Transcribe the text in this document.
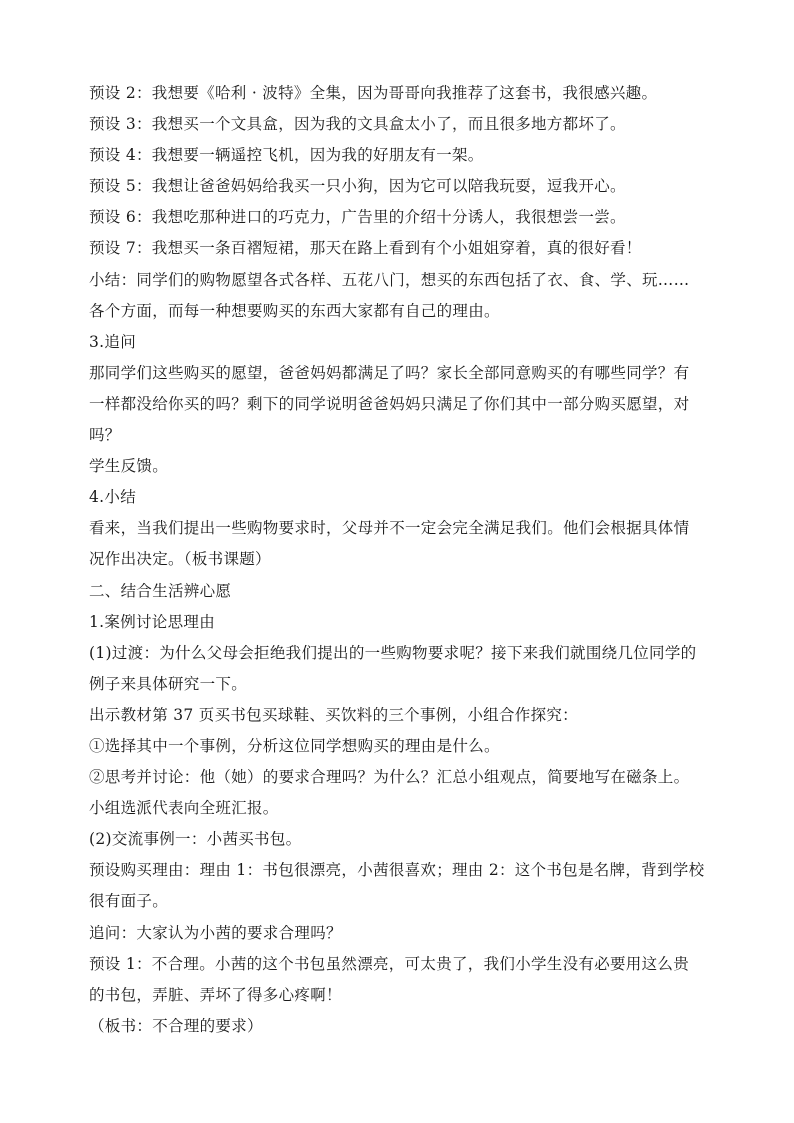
预设 2：我想要《哈利 · 波特》全集，因为哥哥向我推荐了这套书，我很感兴趣。
预设 3：我想买一个文具盒，因为我的文具盒太小了，而且很多地方都坏了。
预设 4：我想要一辆遥控飞机，因为我的好朋友有一架。
预设 5：我想让爸爸妈妈给我买一只小狗，因为它可以陪我玩耍，逗我开心。
预设 6：我想吃那种进口的巧克力，广告里的介绍十分诱人，我很想尝一尝。
预设 7：我想买一条百褶短裙，那天在路上看到有个小姐姐穿着，真的很好看！
小结：同学们的购物愿望各式各样、五花八门，想买的东西包括了衣、食、学、玩……
各个方面，而每一种想要购买的东西大家都有自己的理由。
3.追问
那同学们这些购买的愿望，爸爸妈妈都满足了吗？家长全部同意购买的有哪些同学？有
一样都没给你买的吗？剩下的同学说明爸爸妈妈只满足了你们其中一部分购买愿望，对
吗？
学生反馈。
4.小结
看来，当我们提出一些购物要求时，父母并不一定会完全满足我们。他们会根据具体情
况作出决定。（板书课题）
二、结合生活辨心愿
1.案例讨论思理由
(1)过渡：为什么父母会拒绝我们提出的一些购物要求呢？接下来我们就围绕几位同学的
例子来具体研究一下。
出示教材第 37 页买书包买球鞋、买饮料的三个事例，小组合作探究：
①选择其中一个事例，分析这位同学想购买的理由是什么。
②思考并讨论：他（她）的要求合理吗？为什么？汇总小组观点，简要地写在磁条上。
小组选派代表向全班汇报。
(2)交流事例一：小茜买书包。
预设购买理由：理由 1：书包很漂亮，小茜很喜欢；理由 2：这个书包是名牌，背到学校
很有面子。
追问：大家认为小茜的要求合理吗？
预设 1：不合理。小茜的这个书包虽然漂亮，可太贵了，我们小学生没有必要用这么贵
的书包，弄脏、弄坏了得多心疼啊！
（板书：不合理的要求）
